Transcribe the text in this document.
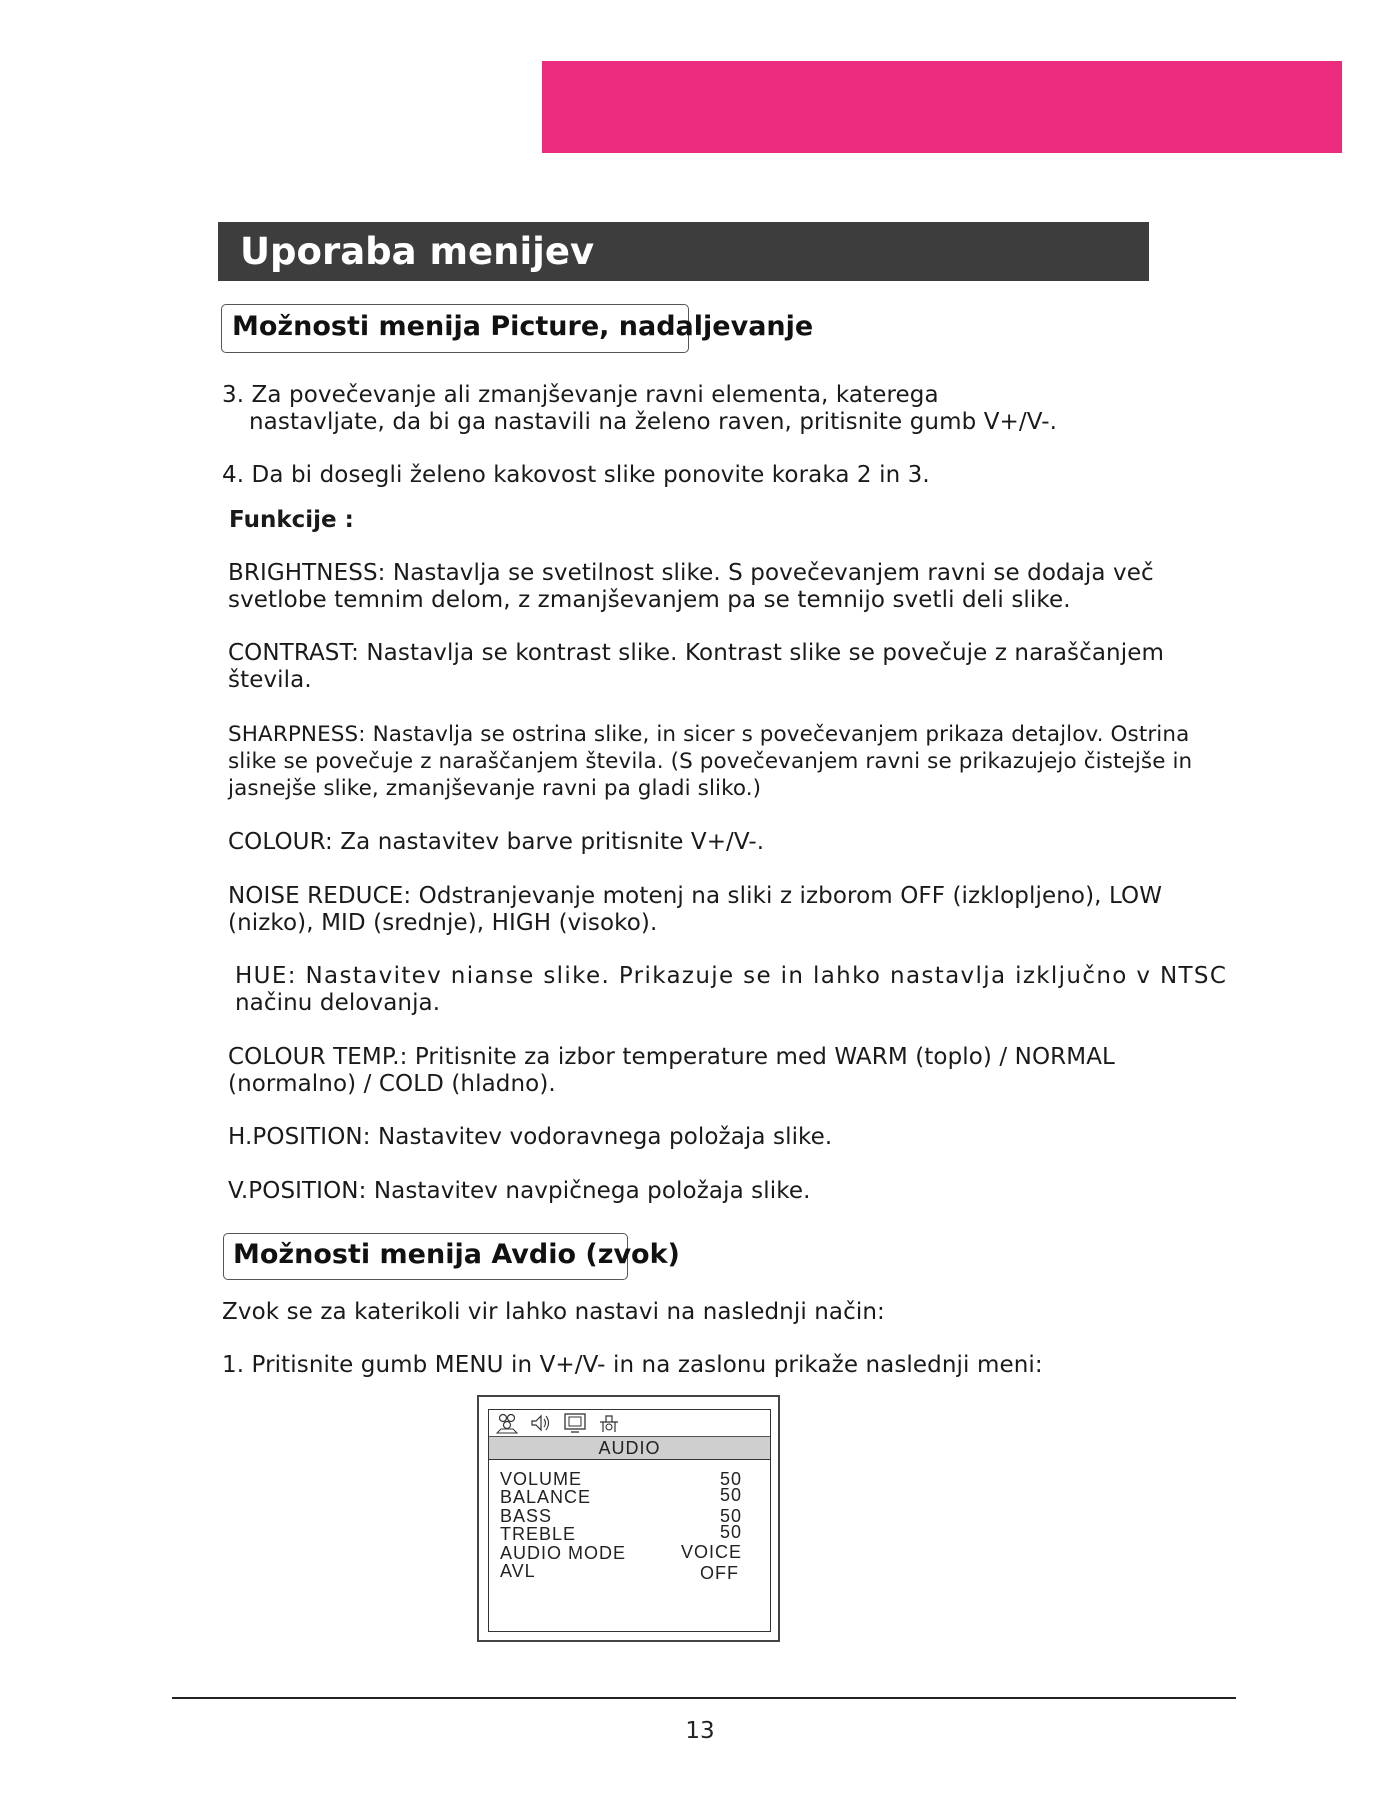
Uporaba menijev
Možnosti menija Picture, nadaljevanje
3. Za povečevanje ali zmanjševanje ravni elementa, katerega
nastavljate, da bi ga nastavili na želeno raven, pritisnite gumb V+/V-.
4. Da bi dosegli želeno kakovost slike ponovite koraka 2 in 3.
Funkcije :
BRIGHTNESS: Nastavlja se svetilnost slike. S povečevanjem ravni se dodaja več
svetlobe temnim delom, z zmanjševanjem pa se temnijo svetli deli slike.
CONTRAST: Nastavlja se kontrast slike. Kontrast slike se povečuje z naraščanjem
števila.
SHARPNESS: Nastavlja se ostrina slike, in sicer s povečevanjem prikaza detajlov. Ostrina
slike se povečuje z naraščanjem števila. (S povečevanjem ravni se prikazujejo čistejše in
jasnejše slike, zmanjševanje ravni pa gladi sliko.)
COLOUR: Za nastavitev barve pritisnite V+/V-.
NOISE REDUCE: Odstranjevanje motenj na sliki z izborom OFF (izklopljeno), LOW
(nizko), MID (srednje), HIGH (visoko).
HUE: Nastavitev nianse slike. Prikazuje se in lahko nastavlja izključno v NTSC
načinu delovanja.
COLOUR TEMP.: Pritisnite za izbor temperature med WARM (toplo) / NORMAL
(normalno) / COLD (hladno).
H.POSITION: Nastavitev vodoravnega položaja slike.
V.POSITION: Nastavitev navpičnega položaja slike.
Možnosti menija Avdio (zvok)
Zvok se za katerikoli vir lahko nastavi na naslednji način:
1. Pritisnite gumb MENU in V+/V- in na zaslonu prikaže naslednji meni:
AUDIO
VOLUME	50
BALANCE	50
BASS	50
TREBLE	50
AUDIO MODE	VOICE
AVL	OFF
13
